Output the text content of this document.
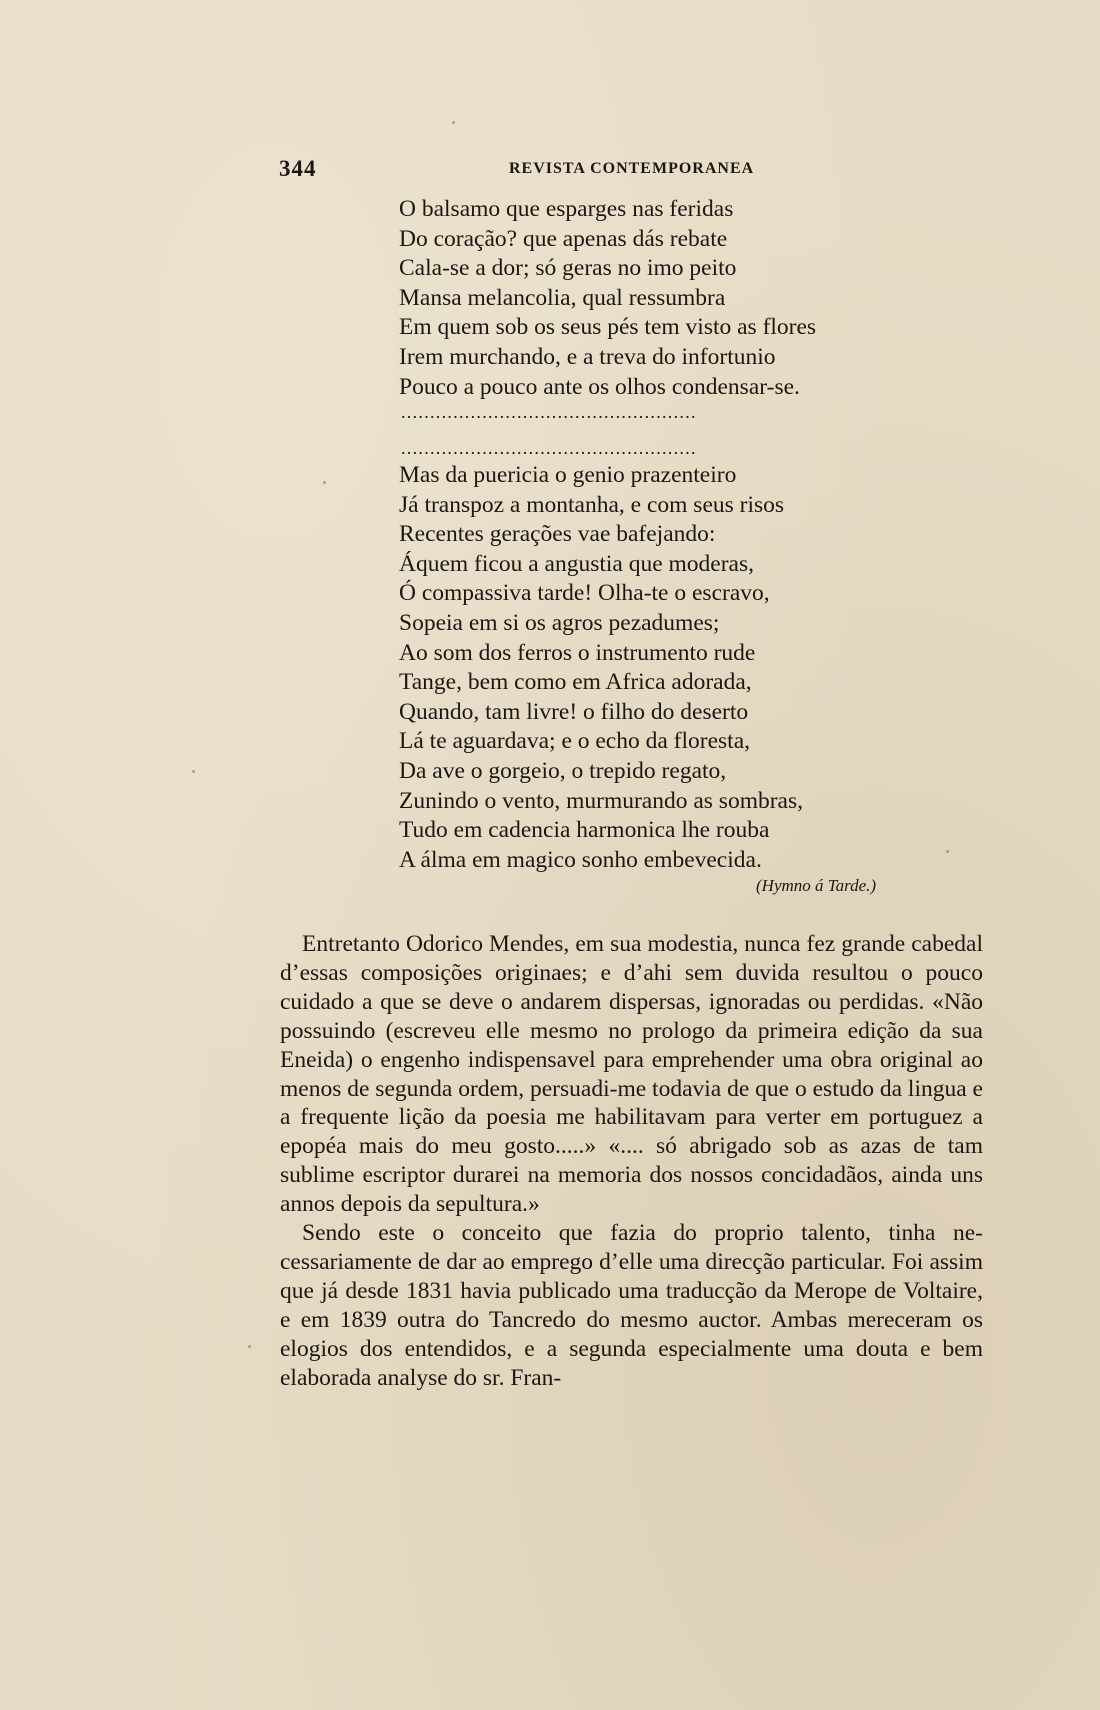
344	REVISTA CONTEMPORANEA
O balsamo que esparges nas feridas
Do coração? que apenas dás rebate
Cala-se a dor; só geras no imo peito
Mansa melancolia, qual ressumbra
Em quem sob os seus pés tem visto as flores
Irem murchando, e a treva do infortunio
Pouco a pouco ante os olhos condensar-se.
...................................................
...................................................
Mas da puericia o genio prazenteiro
Já transpoz a montanha, e com seus risos
Recentes gerações vae bafejando:
Áquem ficou a angustia que moderas,
Ó compassiva tarde! Olha-te o escravo,
Sopeia em si os agros pezadumes;
Ao som dos ferros o instrumento rude
Tange, bem como em Africa adorada,
Quando, tam livre! o filho do deserto
Lá te aguardava; e o echo da floresta,
Da ave o gorgeio, o trepido regato,
Zunindo o vento, murmurando as sombras,
Tudo em cadencia harmonica lhe rouba
A álma em magico sonho embevecida.
(Hymno á Tarde.)

Entretanto Odorico Mendes, em sua modestia, nunca fez grande cabedal d’essas composições originaes; e d’ahi sem duvida resultou o pouco cuidado a que se deve o andarem dispersas, ignoradas ou perdidas. «Não possuindo (escreveu elle mesmo no prologo da primeira edição da sua Eneida) o engenho indispensavel para emprehender uma obra original ao menos de segunda ordem, persuadi-me todavia de que o estudo da lingua e a frequente lição da poesia me habilitavam para verter em portuguez a epopéa mais do meu gosto.....» «.... só abrigado sob as azas de tam sublime escriptor durarei na memoria dos nossos concidadãos, ainda uns annos depois da sepultura.»

Sendo este o conceito que fazia do proprio talento, tinha necessariamente de dar ao emprego d’elle uma direcção particular. Foi assim que já desde 1831 havia publicado uma traducção da Merope de Voltaire, e em 1839 outra do Tancredo do mesmo auctor. Ambas mereceram os elogios dos entendidos, e a segunda especialmente uma douta e bem elaborada analyse do sr. Fran-
